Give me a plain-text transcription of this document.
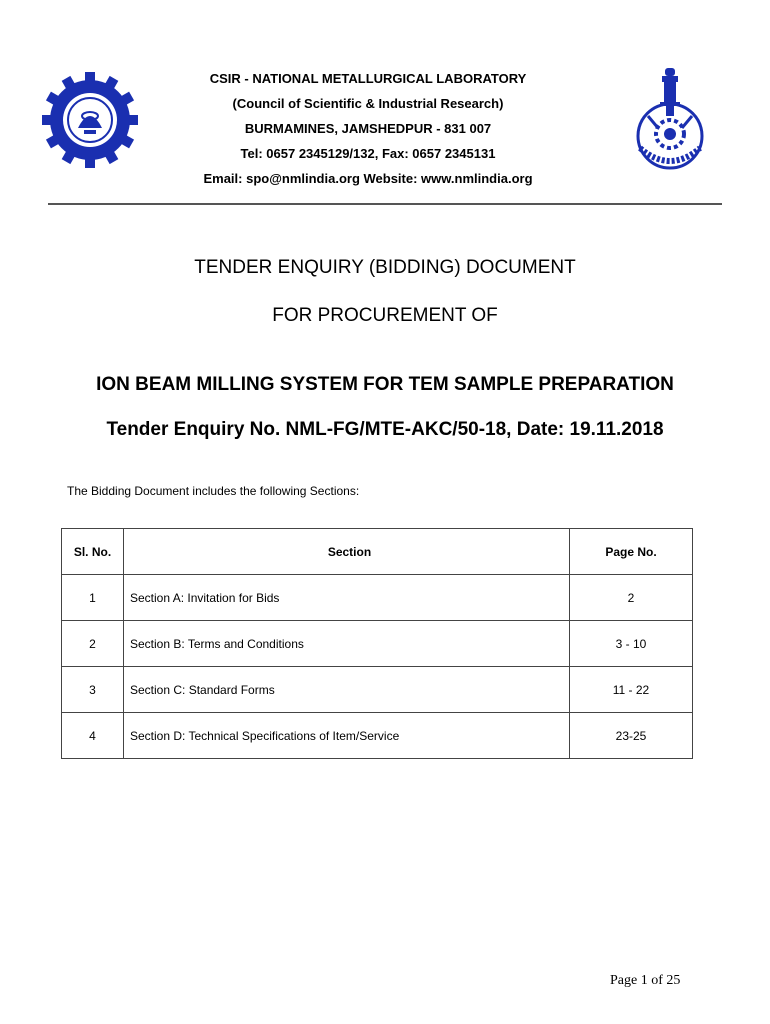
CSIR - NATIONAL METALLURGICAL LABORATORY
(Council of Scientific & Industrial Research)
BURMAMINES, JAMSHEDPUR - 831 007
Tel: 0657 2345129/132, Fax: 0657 2345131
Email: spo@nmlindia.org Website: www.nmlindia.org
TENDER ENQUIRY (BIDDING) DOCUMENT
FOR PROCUREMENT OF
ION BEAM MILLING SYSTEM FOR TEM SAMPLE PREPARATION
Tender Enquiry No. NML-FG/MTE-AKC/50-18, Date: 19.11.2018
The Bidding Document includes the following Sections:
Sl. No.	Section	Page No.
1	Section A: Invitation for Bids	2
2	Section B: Terms and Conditions	3 - 10
3	Section C: Standard Forms	11 - 22
4	Section D: Technical Specifications of Item/Service	23-25
Page 1 of 25
